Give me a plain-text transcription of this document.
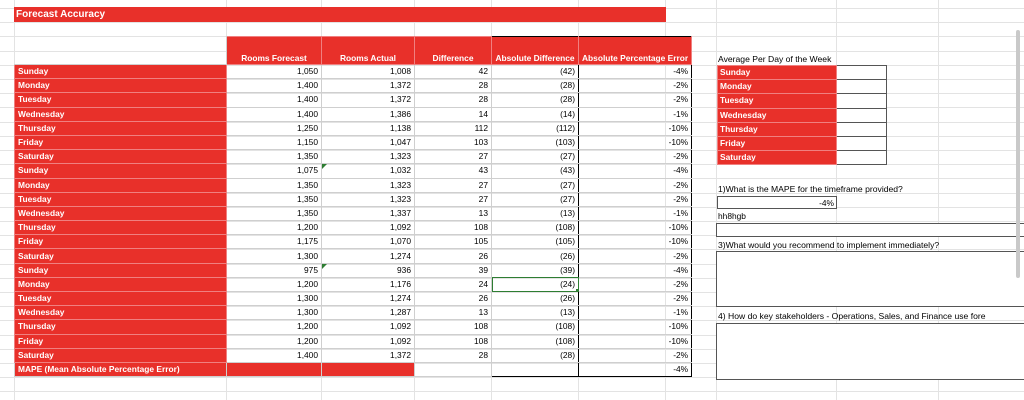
Forecast Accuracy
	Rooms Forecast	Rooms Actual	Difference	Absolute Difference	Absolute Percentage Error
Sunday	1,050	1,008	42	(42)	-4%
Monday	1,400	1,372	28	(28)	-2%
Tuesday	1,400	1,372	28	(28)	-2%
Wednesday	1,400	1,386	14	(14)	-1%
Thursday	1,250	1,138	112	(112)	-10%
Friday	1,150	1,047	103	(103)	-10%
Saturday	1,350	1,323	27	(27)	-2%
Sunday	1,075	1,032	43	(43)	-4%
Monday	1,350	1,323	27	(27)	-2%
Tuesday	1,350	1,323	27	(27)	-2%
Wednesday	1,350	1,337	13	(13)	-1%
Thursday	1,200	1,092	108	(108)	-10%
Friday	1,175	1,070	105	(105)	-10%
Saturday	1,300	1,274	26	(26)	-2%
Sunday	975	936	39	(39)	-4%
Monday	1,200	1,176	24	(24)	-2%
Tuesday	1,300	1,274	26	(26)	-2%
Wednesday	1,300	1,287	13	(13)	-1%
Thursday	1,200	1,092	108	(108)	-10%
Friday	1,200	1,092	108	(108)	-10%
Saturday	1,400	1,372	28	(28)	-2%
MAPE (Mean Absolute Percentage Error)					-4%
Average Per Day of the Week
Sunday	
Monday	
Tuesday	
Wednesday	
Thursday	
Friday	
Saturday	
1)What is the MAPE for the timeframe provided?
-4%
hh8hgb
3)What would you recommend to implement immediately?
4) How do key stakeholders - Operations, Sales, and Finance use fore
